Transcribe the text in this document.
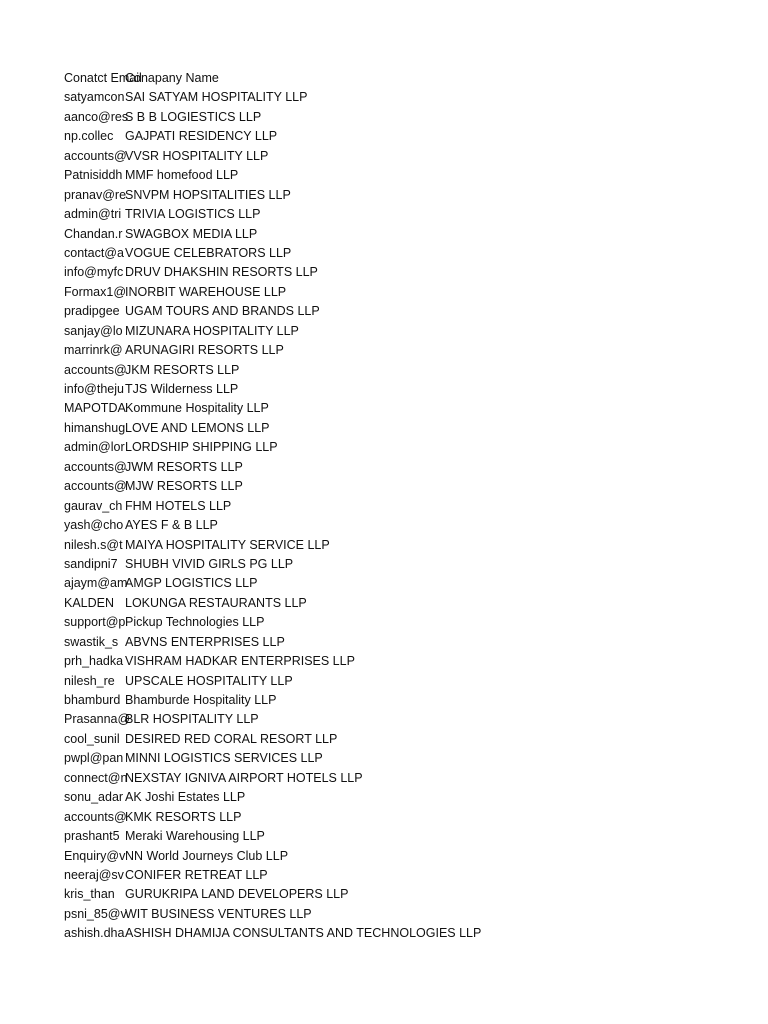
Conatct Email
Conapany Name
satyamcon SAI SATYAM HOSPITALITY LLP
aanco@res
S B B LOGIESTICS LLP
np.collec GAJPATI RESIDENCY LLP
accounts@
VVSR HOSPITALITY LLP
Patnisiddh MMF homefood LLP
pranav@re
SNVPM HOPSITALITIES LLP
admin@tri TRIVIA LOGISTICS LLP
Chandan.r SWAGBOX MEDIA LLP
contact@a VOGUE CELEBRATORS LLP
info@myfc DRUV DHAKSHIN RESORTS LLP
Formax1@
INORBIT WAREHOUSE LLP
pradipgee UGAM TOURS AND BRANDS LLP
sanjay@lo MIZUNARA HOSPITALITY LLP
marrinrk@ ARUNAGIRI RESORTS LLP
accounts@
JKM RESORTS LLP
info@theju TJS Wilderness LLP
MAPOTDA Kommune Hospitality LLP
himanshug LOVE AND LEMONS LLP
admin@lor LORDSHIP SHIPPING LLP
accounts@
JWM RESORTS LLP
accounts@
MJW RESORTS LLP
gaurav_ch FHM HOTELS LLP
yash@cho AYES F & B LLP
nilesh.s@t MAIYA HOSPITALITY SERVICE LLP
sandipni7 SHUBH VIVID GIRLS PG LLP
ajaym@am
AMGP LOGISTICS LLP
KALDEN LOKUNGA RESTAURANTS LLP
support@p Pickup Technologies LLP
swastik_s ABVNS ENTERPRISES LLP
prh_hadka VISHRAM HADKAR ENTERPRISES LLP
nilesh_re UPSCALE HOSPITALITY LLP
bhamburd Bhamburde Hospitality LLP
Prasanna@
BLR HOSPITALITY LLP
cool_sunil DESIRED RED CORAL RESORT LLP
pwpl@pan MINNI LOGISTICS SERVICES LLP
connect@n
NEXSTAY IGNIVA AIRPORT HOTELS LLP
sonu_adar AK Joshi Estates LLP
accounts@
KMK RESORTS LLP
prashant5 Meraki Warehousing LLP
Enquiry@v NN World Journeys Club LLP
neeraj@sv CONIFER RETREAT LLP
kris_than GURUKRIPA LAND DEVELOPERS LLP
psni_85@v
WIT BUSINESS VENTURES LLP
ashish.dha ASHISH DHAMIJA CONSULTANTS AND TECHNOLOGIES LLP
